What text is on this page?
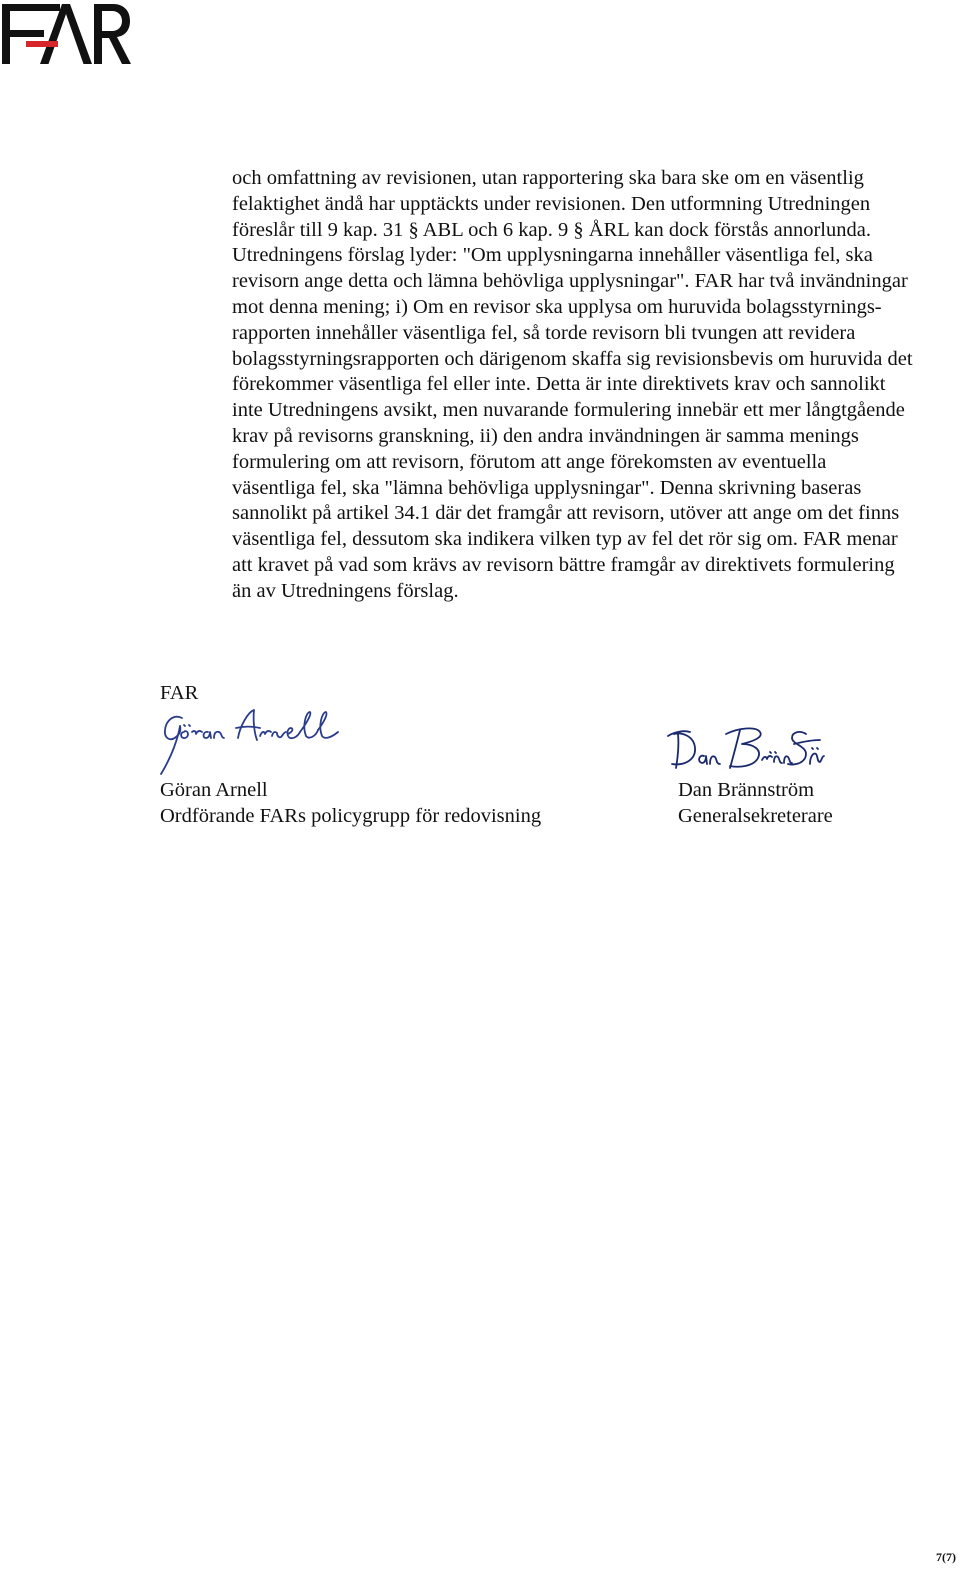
och omfattning av revisionen, utan rapportering ska bara ske om en väsentlig
felaktighet ändå har upptäckts under revisionen. Den utformning Utredningen
föreslår till 9 kap. 31 § ABL och 6 kap. 9 § ÅRL kan dock förstås annorlunda.
Utredningens förslag lyder: "Om upplysningarna innehåller väsentliga fel, ska
revisorn ange detta och lämna behövliga upplysningar". FAR har två invändningar
mot denna mening; i) Om en revisor ska upplysa om huruvida bolagsstyrnings-
rapporten innehåller väsentliga fel, så torde revisorn bli tvungen att revidera
bolagsstyrningsrapporten och därigenom skaffa sig revisionsbevis om huruvida det
förekommer väsentliga fel eller inte. Detta är inte direktivets krav och sannolikt
inte Utredningens avsikt, men nuvarande formulering innebär ett mer långtgående
krav på revisorns granskning, ii) den andra invändningen är samma menings
formulering om att revisorn, förutom att ange förekomsten av eventuella
väsentliga fel, ska "lämna behövliga upplysningar". Denna skrivning baseras
sannolikt på artikel 34.1 där det framgår att revisorn, utöver att ange om det finns
väsentliga fel, dessutom ska indikera vilken typ av fel det rör sig om. FAR menar
att kravet på vad som krävs av revisorn bättre framgår av direktivets formulering
än av Utredningens förslag.
FAR
Göran Arnell
Ordförande FARs policygrupp för redovisning
Dan Brännström
Generalsekreterare
7(7)
